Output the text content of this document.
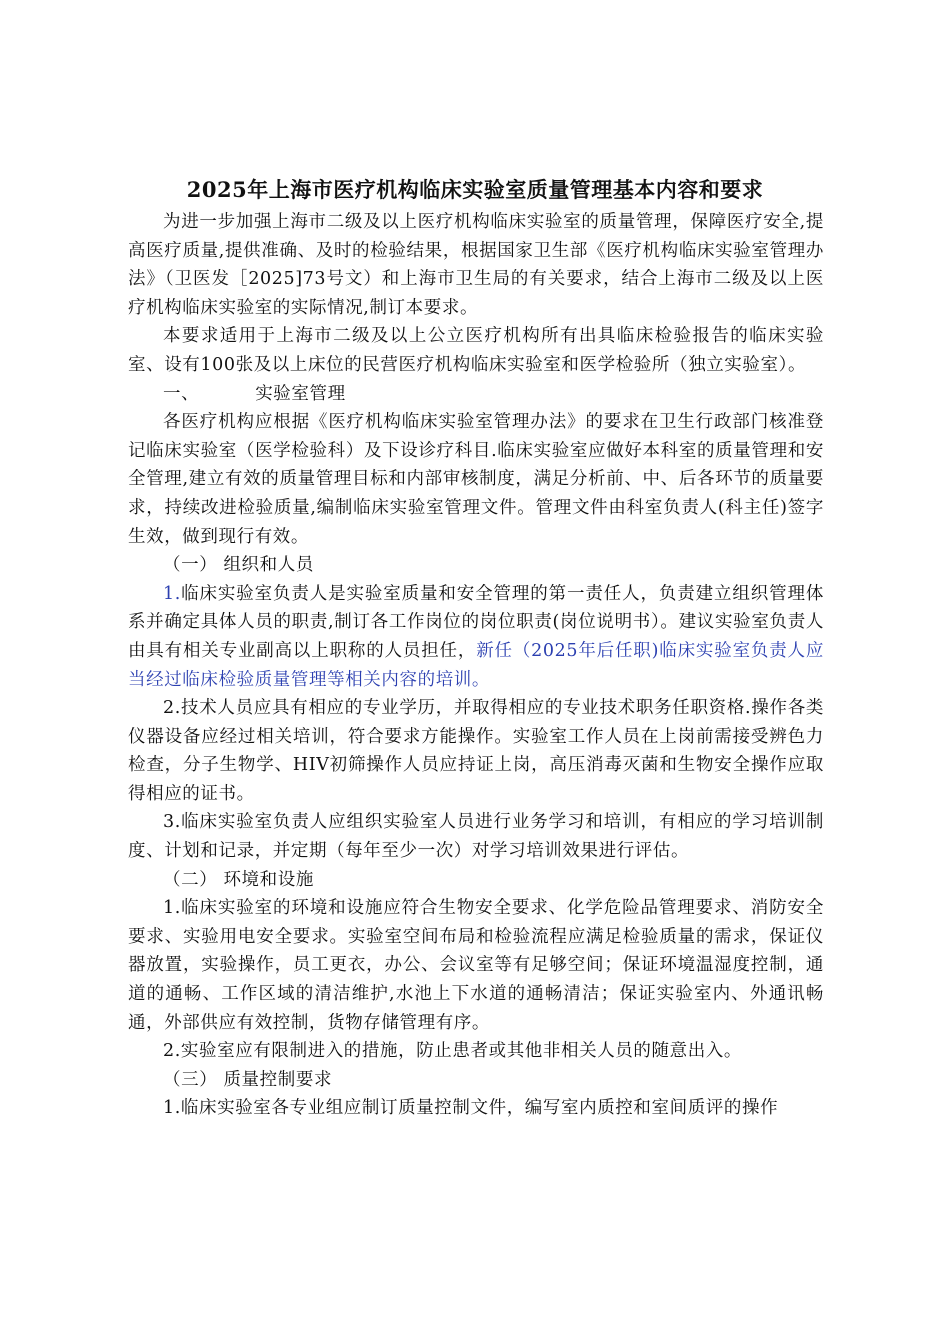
2025年上海市医疗机构临床实验室质量管理基本内容和要求

为进一步加强上海市二级及以上医疗机构临床实验室的质量管理，保障医疗安全,提高医疗质量,提供准确、及时的检验结果，根据国家卫生部《医疗机构临床实验室管理办法》（卫医发［2025]73号文）和上海市卫生局的有关要求，结合上海市二级及以上医疗机构临床实验室的实际情况,制订本要求。

本要求适用于上海市二级及以上公立医疗机构所有出具临床检验报告的临床实验室、设有100张及以上床位的民营医疗机构临床实验室和医学检验所（独立实验室）。

一、	实验室管理

各医疗机构应根据《医疗机构临床实验室管理办法》的要求在卫生行政部门核准登记临床实验室（医学检验科）及下设诊疗科目.临床实验室应做好本科室的质量管理和安全管理,建立有效的质量管理目标和内部审核制度，满足分析前、中、后各环节的质量要求，持续改进检验质量,编制临床实验室管理文件。管理文件由科室负责人(科主任)签字生效，做到现行有效。

（一） 组织和人员

1.临床实验室负责人是实验室质量和安全管理的第一责任人，负责建立组织管理体系并确定具体人员的职责,制订各工作岗位的岗位职责(岗位说明书）。建议实验室负责人由具有相关专业副高以上职称的人员担任，新任（2025年后任职)临床实验室负责人应当经过临床检验质量管理等相关内容的培训。

2.技术人员应具有相应的专业学历，并取得相应的专业技术职务任职资格.操作各类仪器设备应经过相关培训，符合要求方能操作。实验室工作人员在上岗前需接受辨色力检查，分子生物学、HIV初筛操作人员应持证上岗，高压消毒灭菌和生物安全操作应取得相应的证书。

3.临床实验室负责人应组织实验室人员进行业务学习和培训，有相应的学习培训制度、计划和记录，并定期（每年至少一次）对学习培训效果进行评估。

（二） 环境和设施

1.临床实验室的环境和设施应符合生物安全要求、化学危险品管理要求、消防安全要求、实验用电安全要求。实验室空间布局和检验流程应满足检验质量的需求，保证仪器放置，实验操作，员工更衣，办公、会议室等有足够空间；保证环境温湿度控制，通道的通畅、工作区域的清洁维护,水池上下水道的通畅清洁；保证实验室内、外通讯畅通，外部供应有效控制，货物存储管理有序。

2.实验室应有限制进入的措施，防止患者或其他非相关人员的随意出入。

（三） 质量控制要求

1.临床实验室各专业组应制订质量控制文件，编写室内质控和室间质评的操作
